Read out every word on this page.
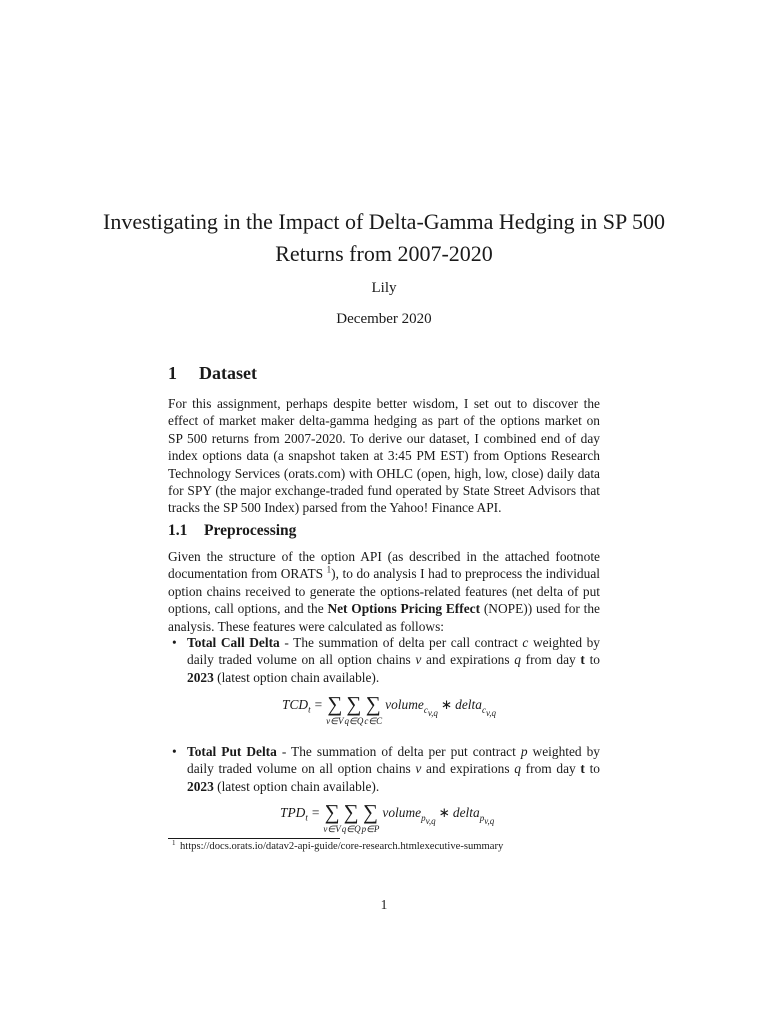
Investigating in the Impact of Delta-Gamma Hedging in SP 500 Returns from 2007-2020
Lily
December 2020
1 Dataset
For this assignment, perhaps despite better wisdom, I set out to discover the effect of market maker delta-gamma hedging as part of the options market on SP 500 returns from 2007-2020. To derive our dataset, I combined end of day index options data (a snapshot taken at 3:45 PM EST) from Options Research Technology Services (orats.com) with OHLC (open, high, low, close) daily data for SPY (the major exchange-traded fund operated by State Street Advisors that tracks the SP 500 Index) parsed from the Yahoo! Finance API.
1.1 Preprocessing
Given the structure of the option API (as described in the attached footnote documentation from ORATS $^1$), to do analysis I had to preprocess the individual option chains received to generate the options-related features (net delta of put options, call options, and the Net Options Pricing Effect (NOPE)) used for the analysis. These features were calculated as follows:
• Total Call Delta - The summation of delta per call contract c weighted by daily traded volume on all option chains v and expirations q from day t to 2023 (latest option chain available).
$TCD_t$ = ∑
v∈V
∑
q∈Q
∑
c∈C
volume$_{c_{v,q}}$∗ delta$_{c_{v,q}}$
• Total Put Delta - The summation of delta per put contract p weighted by daily traded volume on all option chains v and expirations q from day t to 2023 (latest option chain available).
$TPD_t$ = ∑
v∈V
∑
q∈Q
∑
p∈P
volume$_{p_{v,q}}$∗ delta$_{p_{v,q}}$
1 https://docs.orats.io/datav2-api-guide/core-research.htmlexecutive-summary
1
